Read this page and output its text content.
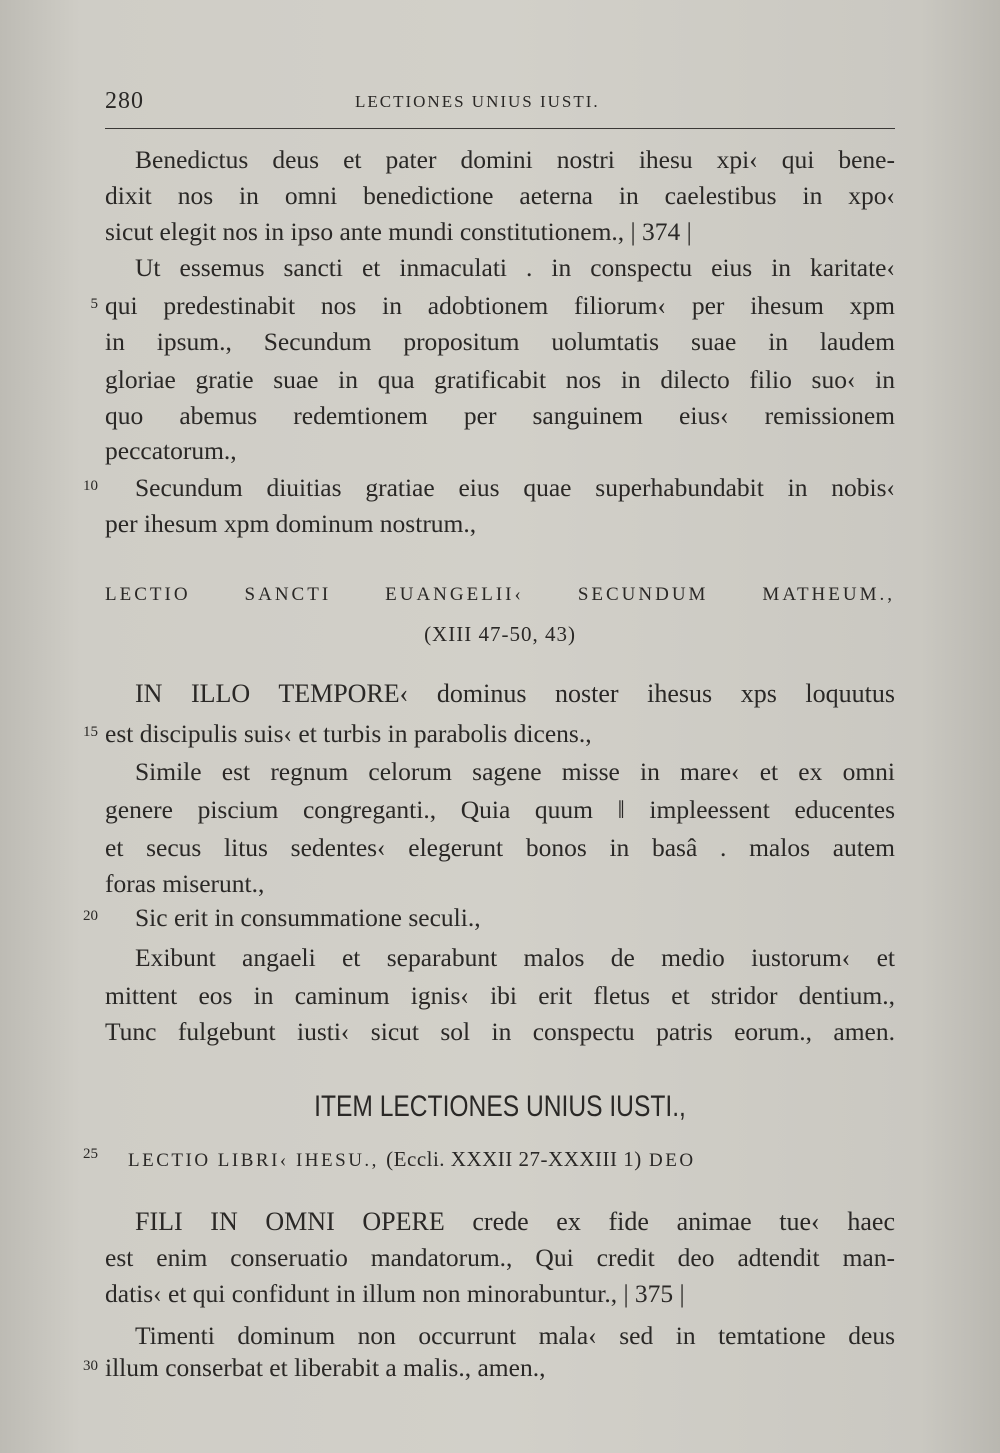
280	LECTIONES UNIUS IUSTI.
Benedictus deus et pater domini nostri ihesu xpi‹ qui bene-
dixit nos in omni benedictione aeterna in caelestibus in xpo‹
sicut elegit nos in ipso ante mundi constitutionem., | 374 |
Ut essemus sancti et inmaculati . in conspectu eius in karitate‹
5 qui predestinabit nos in adobtionem filiorum‹ per ihesum xpm
in ipsum., Secundum propositum uolumtatis suae in laudem
gloriae gratie suae in qua gratificabit nos in dilecto filio suo‹ in
quo abemus redemtionem per sanguinem eius‹ remissionem
peccatorum.,
10 Secundum diuitias gratiae eius quae superhabundabit in nobis‹
per ihesum xpm dominum nostrum.,
LECTIO SANCTI EUANGELII‹ SECUNDUM MATHEUM.,
(XIII 47-50, 43)
IN ILLO TEMPORE‹ dominus noster ihesus xps loquutus
15 est discipulis suis‹ et turbis in parabolis dicens.,
Simile est regnum celorum sagene misse in mare‹ et ex omni
genere piscium congreganti., Quia quum ‖ impleessent educentes
et secus litus sedentes‹ elegerunt bonos in basâ . malos autem
foras miserunt.,
20 Sic erit in consummatione seculi.,
Exibunt angaeli et separabunt malos de medio iustorum‹ et
mittent eos in caminum ignis‹ ibi erit fletus et stridor dentium.,
Tunc fulgebunt iusti‹ sicut sol in conspectu patris eorum., amen.
ITEM LECTIONES UNIUS IUSTI.,
25 LECTIO LIBRI‹ IHESU., (Eccli. XXXII 27-XXXIII 1) DEO
FILI IN OMNI OPERE crede ex fide animae tue‹ haec
est enim conseruatio mandatorum., Qui credit deo adtendit man-
datis‹ et qui confidunt in illum non minorabuntur., | 375 |
Timenti dominum non occurrunt mala‹ sed in temtatione deus
30 illum conserbat et liberabit a malis., amen.,
